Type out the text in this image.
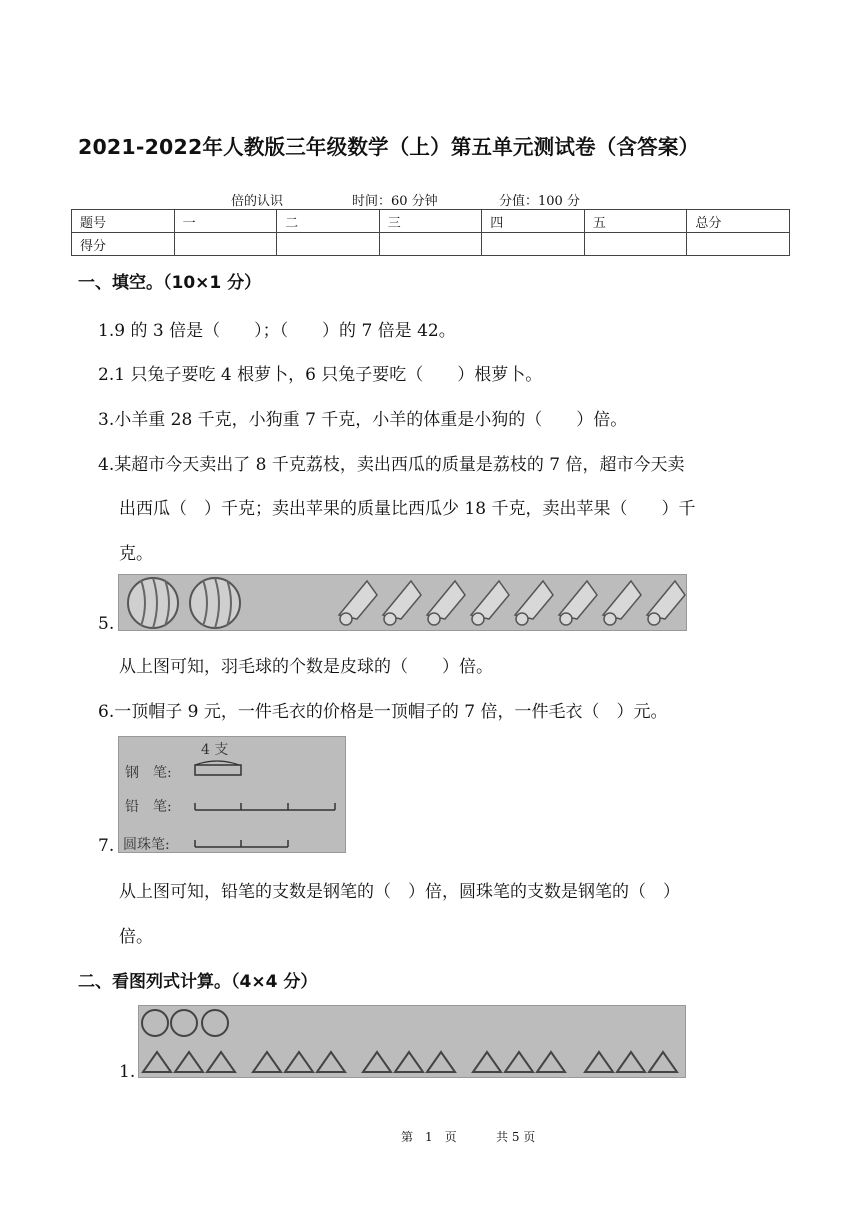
2021-2022年人教版三年级数学（上）第五单元测试卷（含答案）
倍的认识	时间：60 分钟	分值：100 分
题号	一	二	三	四	五	总分
得分						
一、填空。（10×1 分）
1.9 的 3 倍是（　　）；（　　）的 7 倍是 42。
2.1 只兔子要吃 4 根萝卜，6 只兔子要吃（　　）根萝卜。
3.小羊重 28 千克，小狗重 7 千克，小羊的体重是小狗的（　　）倍。
4.某超市今天卖出了 8 千克荔枝，卖出西瓜的质量是荔枝的 7 倍，超市今天卖
出西瓜（　）千克；卖出苹果的质量比西瓜少 18 千克，卖出苹果（　　）千
克。
5.
从上图可知，羽毛球的个数是皮球的（　　）倍。
6.一顶帽子 9 元，一件毛衣的价格是一顶帽子的 7 倍，一件毛衣（　）元。
7.
4 支
钢　笔:
铅　笔:
圆珠笔:
从上图可知，铅笔的支数是钢笔的（　）倍，圆珠笔的支数是钢笔的（　）
倍。
二、看图列式计算。（4×4 分）
1.
第　1　页	共 5 页
